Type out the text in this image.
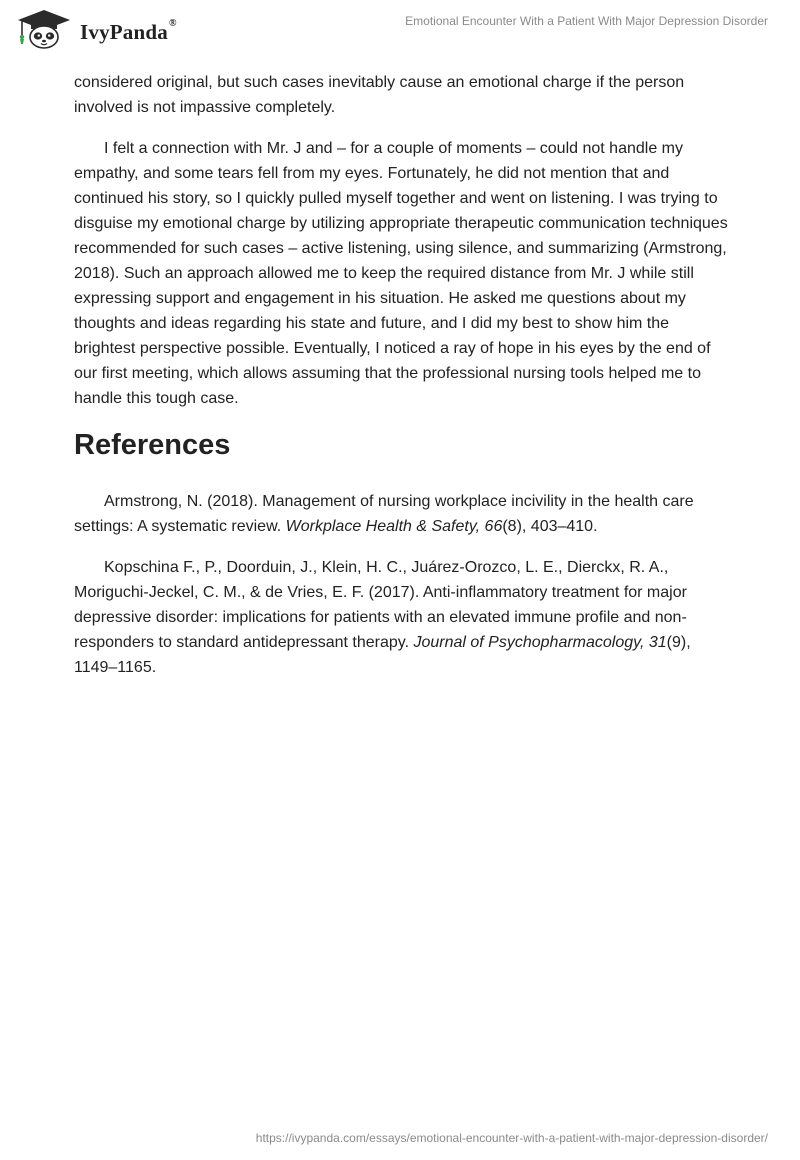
IvyPanda®	Emotional Encounter With a Patient With Major Depression Disorder

considered original, but such cases inevitably cause an emotional charge if the person involved is not impassive completely.

I felt a connection with Mr. J and – for a couple of moments – could not handle my empathy, and some tears fell from my eyes. Fortunately, he did not mention that and continued his story, so I quickly pulled myself together and went on listening. I was trying to disguise my emotional charge by utilizing appropriate therapeutic communication techniques recommended for such cases – active listening, using silence, and summarizing (Armstrong, 2018). Such an approach allowed me to keep the required distance from Mr. J while still expressing support and engagement in his situation. He asked me questions about my thoughts and ideas regarding his state and future, and I did my best to show him the brightest perspective possible. Eventually, I noticed a ray of hope in his eyes by the end of our first meeting, which allows assuming that the professional nursing tools helped me to handle this tough case.

References

Armstrong, N. (2018). Management of nursing workplace incivility in the health care settings: A systematic review. Workplace Health & Safety, 66(8), 403–410.

Kopschina F., P., Doorduin, J., Klein, H. C., Juárez-Orozco, L. E., Dierckx, R. A., Moriguchi-Jeckel, C. M., & de Vries, E. F. (2017). Anti-inflammatory treatment for major depressive disorder: implications for patients with an elevated immune profile and non-responders to standard antidepressant therapy. Journal of Psychopharmacology, 31(9), 1149–1165.

https://ivypanda.com/essays/emotional-encounter-with-a-patient-with-major-depression-disorder/
